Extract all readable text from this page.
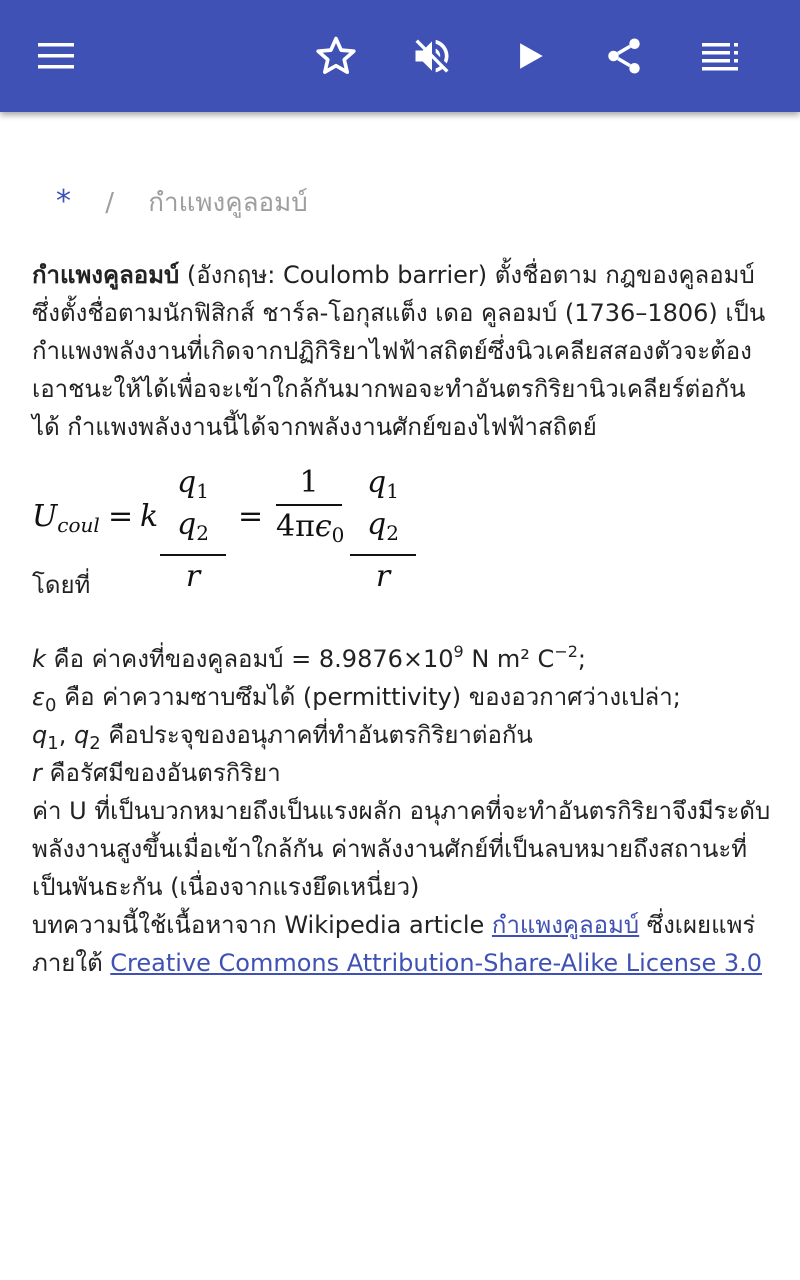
* / กำแพงคูลอมบ์

กำแพงคูลอมบ์ (อังกฤษ: Coulomb barrier) ตั้งชื่อตาม กฎของคูลอมบ์ ซึ่งตั้งชื่อตามนักฟิสิกส์ ชาร์ล-โอกุสแต็ง เดอ คูลอมบ์ (1736–1806) เป็นกำแพงพลังงานที่เกิดจากปฏิกิริยาไฟฟ้าสถิตย์ซึ่งนิวเคลียสสองตัวจะต้องเอาชนะให้ได้เพื่อจะเข้าใกล้กันมากพอจะทำอันตรกิริยานิวเคลียร์ต่อกันได้ กำแพงพลังงานนี้ได้จากพลังงานศักย์ของไฟฟ้าสถิตย์

$U_{coul} = k$
$q_1$ $q_2$
r
=
1
$4\pi\epsilon_0$
$q_1$ $q_2$
r

โดยที่

k คือ ค่าคงที่ของคูลอมบ์ = $8.9876\times 10^9$ N m² $C^{-2}$;
$\varepsilon_0$ คือ ค่าความซาบซึมได้ (permittivity) ของอวกาศว่างเปล่า;
$q_1$, $q_2$ คือประจุของอนุภาคที่ทำอันตรกิริยาต่อกัน
r คือรัศมีของอันตรกิริยา
ค่า U ที่เป็นบวกหมายถึงเป็นแรงผลัก อนุภาคที่จะทำอันตรกิริยาจึงมีระดับพลังงานสูงขึ้นเมื่อเข้าใกล้กัน ค่าพลังงานศักย์ที่เป็นลบหมายถึงสถานะที่เป็นพันธะกัน (เนื่องจากแรงยึดเหนี่ยว)

บทความนี้ใช้เนื้อหาจาก Wikipedia article กำแพงคูลอมบ์ ซึ่งเผยแพร่ภายใต้ Creative Commons Attribution-Share-Alike License 3.0
